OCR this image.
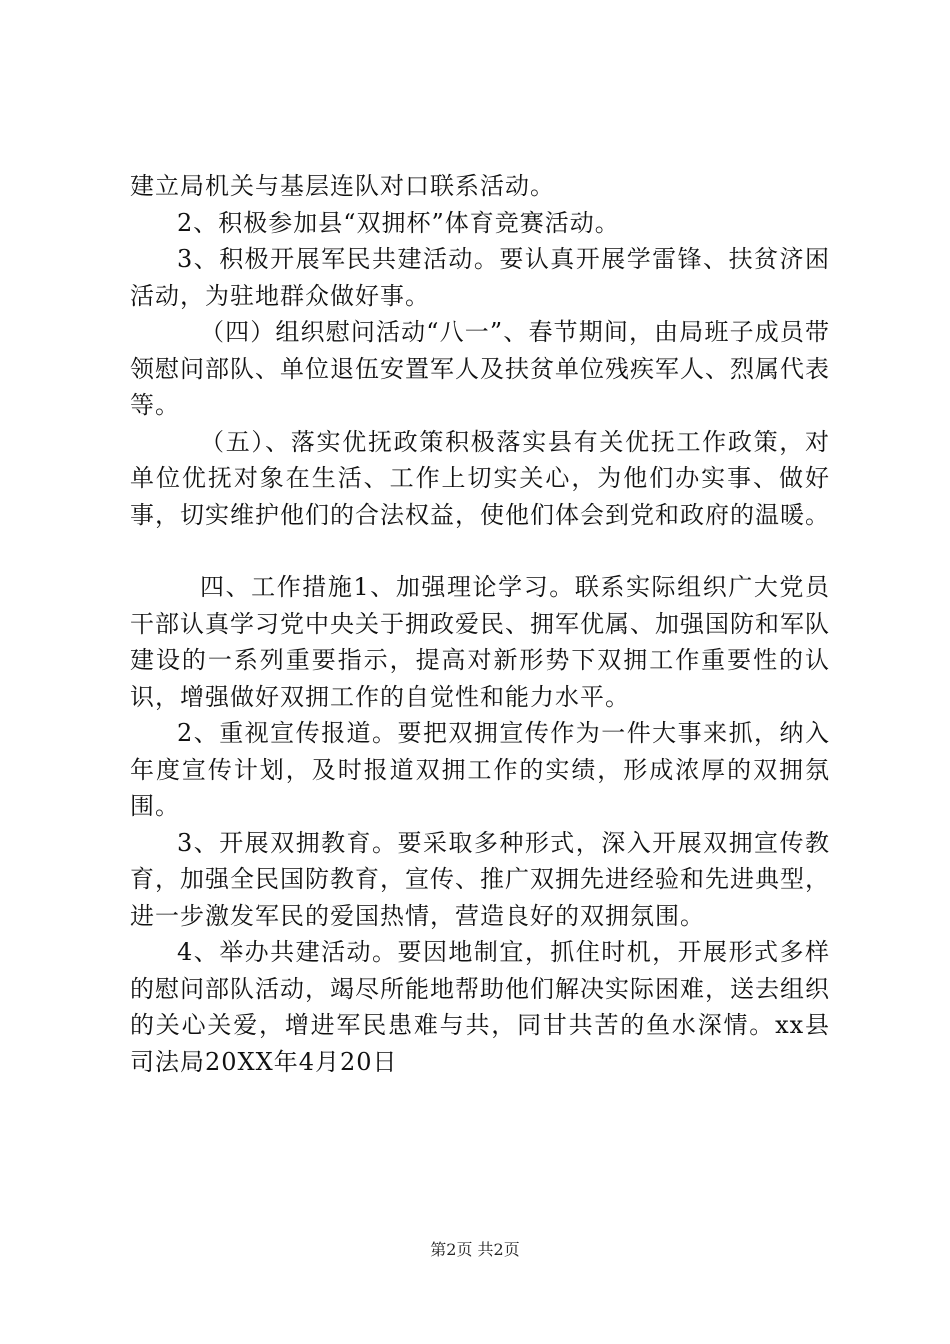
建立局机关与基层连队对口联系活动。

2、积极参加县“双拥杯”体育竞赛活动。

3、积极开展军民共建活动。要认真开展学雷锋、扶贫济困活动，为驻地群众做好事。

（四）组织慰问活动“八一”、春节期间，由局班子成员带领慰问部队、单位退伍安置军人及扶贫单位残疾军人、烈属代表等。

（五）、落实优抚政策积极落实县有关优抚工作政策，对单位优抚对象在生活、工作上切实关心，为他们办实事、做好事，切实维护他们的合法权益，使他们体会到党和政府的温暖。

四、工作措施1、加强理论学习。联系实际组织广大党员干部认真学习党中央关于拥政爱民、拥军优属、加强国防和军队建设的一系列重要指示，提高对新形势下双拥工作重要性的认识，增强做好双拥工作的自觉性和能力水平。

2、重视宣传报道。要把双拥宣传作为一件大事来抓，纳入年度宣传计划，及时报道双拥工作的实绩，形成浓厚的双拥氛围。

3、开展双拥教育。要采取多种形式，深入开展双拥宣传教育，加强全民国防教育，宣传、推广双拥先进经验和先进典型，进一步激发军民的爱国热情，营造良好的双拥氛围。

4、举办共建活动。要因地制宜，抓住时机，开展形式多样的慰问部队活动，竭尽所能地帮助他们解决实际困难，送去组织的关心关爱，增进军民患难与共，同甘共苦的鱼水深情。xx县司法局20XX年4月20日

第2页 共2页
